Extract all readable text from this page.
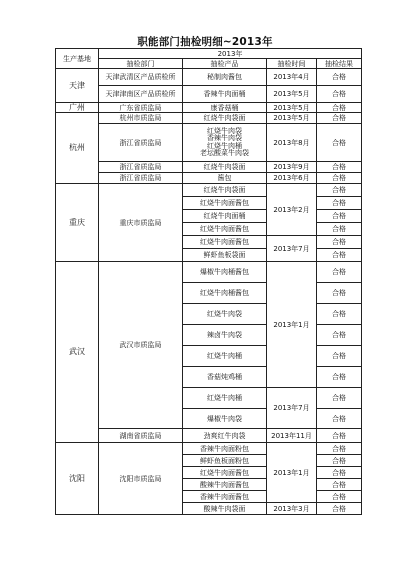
职能部门抽检明细~2013年
生产基地	2013年			
	抽检部门	抽检产品	抽检时间	抽检结果
天津	天津武清区产品质检所	秘制肉酱包	2013年4月	合格
	天津津南区产品质检所	香辣牛肉面桶	2013年5月	合格
广州	广东省质监局	康香菇桶	2013年5月	合格
杭州	杭州市质监局	红烧牛肉袋面	2013年5月	合格
	浙江省质监局	红烧牛肉袋
香辣牛肉袋
红烧牛肉桶
老坛酸菜牛肉袋	2013年8月	合格
	浙江省质监局	红烧牛肉袋面	2013年9月	合格
	浙江省质监局	酱包	2013年6月	合格
重庆	重庆市质监局	红烧牛肉袋面	2013年2月	合格
		红烧牛肉面酱包		合格
		红烧牛肉面桶		合格
		红烧牛肉面酱包		合格
		红烧牛肉面酱包	2013年7月	合格
		鲜虾鱼板袋面		合格
武汉	武汉市质监局	爆椒牛肉桶酱包	2013年1月	合格
		红烧牛肉桶酱包		合格
		红烧牛肉袋		合格
		辣卤牛肉袋		合格
		红烧牛肉桶		合格
		香菇炖鸡桶		合格
		红烧牛肉桶	2013年7月	合格
		爆椒牛肉袋		合格
	湖南省质监局	劲爽红牛肉袋	2013年11月	合格
沈阳	沈阳市质监局	香辣牛肉面粉包	2013年1月	合格
		鲜虾鱼板面粉包		合格
		红烧牛肉面酱包		合格
		酸辣牛肉面酱包		合格
		香辣牛肉面酱包		合格
		酸辣牛肉袋面	2013年3月	合格
